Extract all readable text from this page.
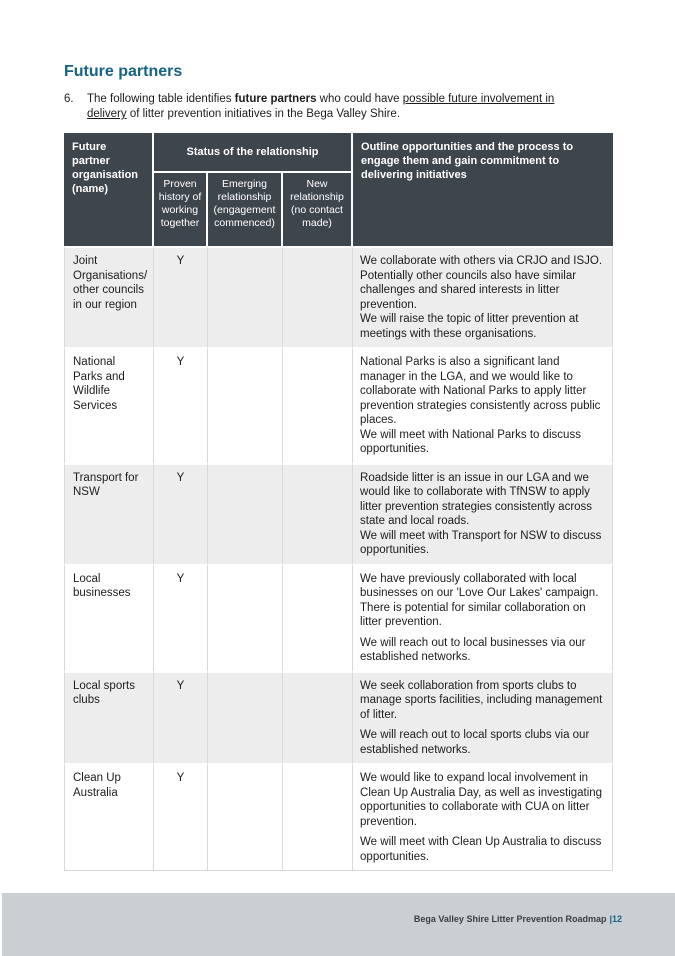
Future partners
6.	The following table identifies future partners who could have possible future involvement in delivery of litter prevention initiatives in the Bega Valley Shire.

Future partner organisation (name)	Status of the relationship			Outline opportunities and the process to engage them and gain commitment to delivering initiatives
	Proven history of working together	Emerging relationship (engagement commenced)	New relationship (no contact made)	
Joint Organisations/ other councils in our region	Y			We collaborate with others via CRJO and ISJO. Potentially other councils also have similar challenges and shared interests in litter prevention.

We will raise the topic of litter prevention at meetings with these organisations.

National Parks and Wildlife Services	Y			National Parks is also a significant land manager in the LGA, and we would like to collaborate with National Parks to apply litter prevention strategies consistently across public places.

We will meet with National Parks to discuss opportunities.

Transport for NSW	Y			Roadside litter is an issue in our LGA and we would like to collaborate with TfNSW to apply litter prevention strategies consistently across state and local roads.

We will meet with Transport for NSW to discuss opportunities.

Local businesses	Y			We have previously collaborated with local businesses on our 'Love Our Lakes' campaign. There is potential for similar collaboration on litter prevention.

We will reach out to local businesses via our established networks.

Local sports clubs	Y			We seek collaboration from sports clubs to manage sports facilities, including management of litter.

We will reach out to local sports clubs via our established networks.

Clean Up Australia	Y			We would like to expand local involvement in Clean Up Australia Day, as well as investigating opportunities to collaborate with CUA on litter prevention.

We will meet with Clean Up Australia to discuss opportunities.

Bega Valley Shire Litter Prevention Roadmap |12
